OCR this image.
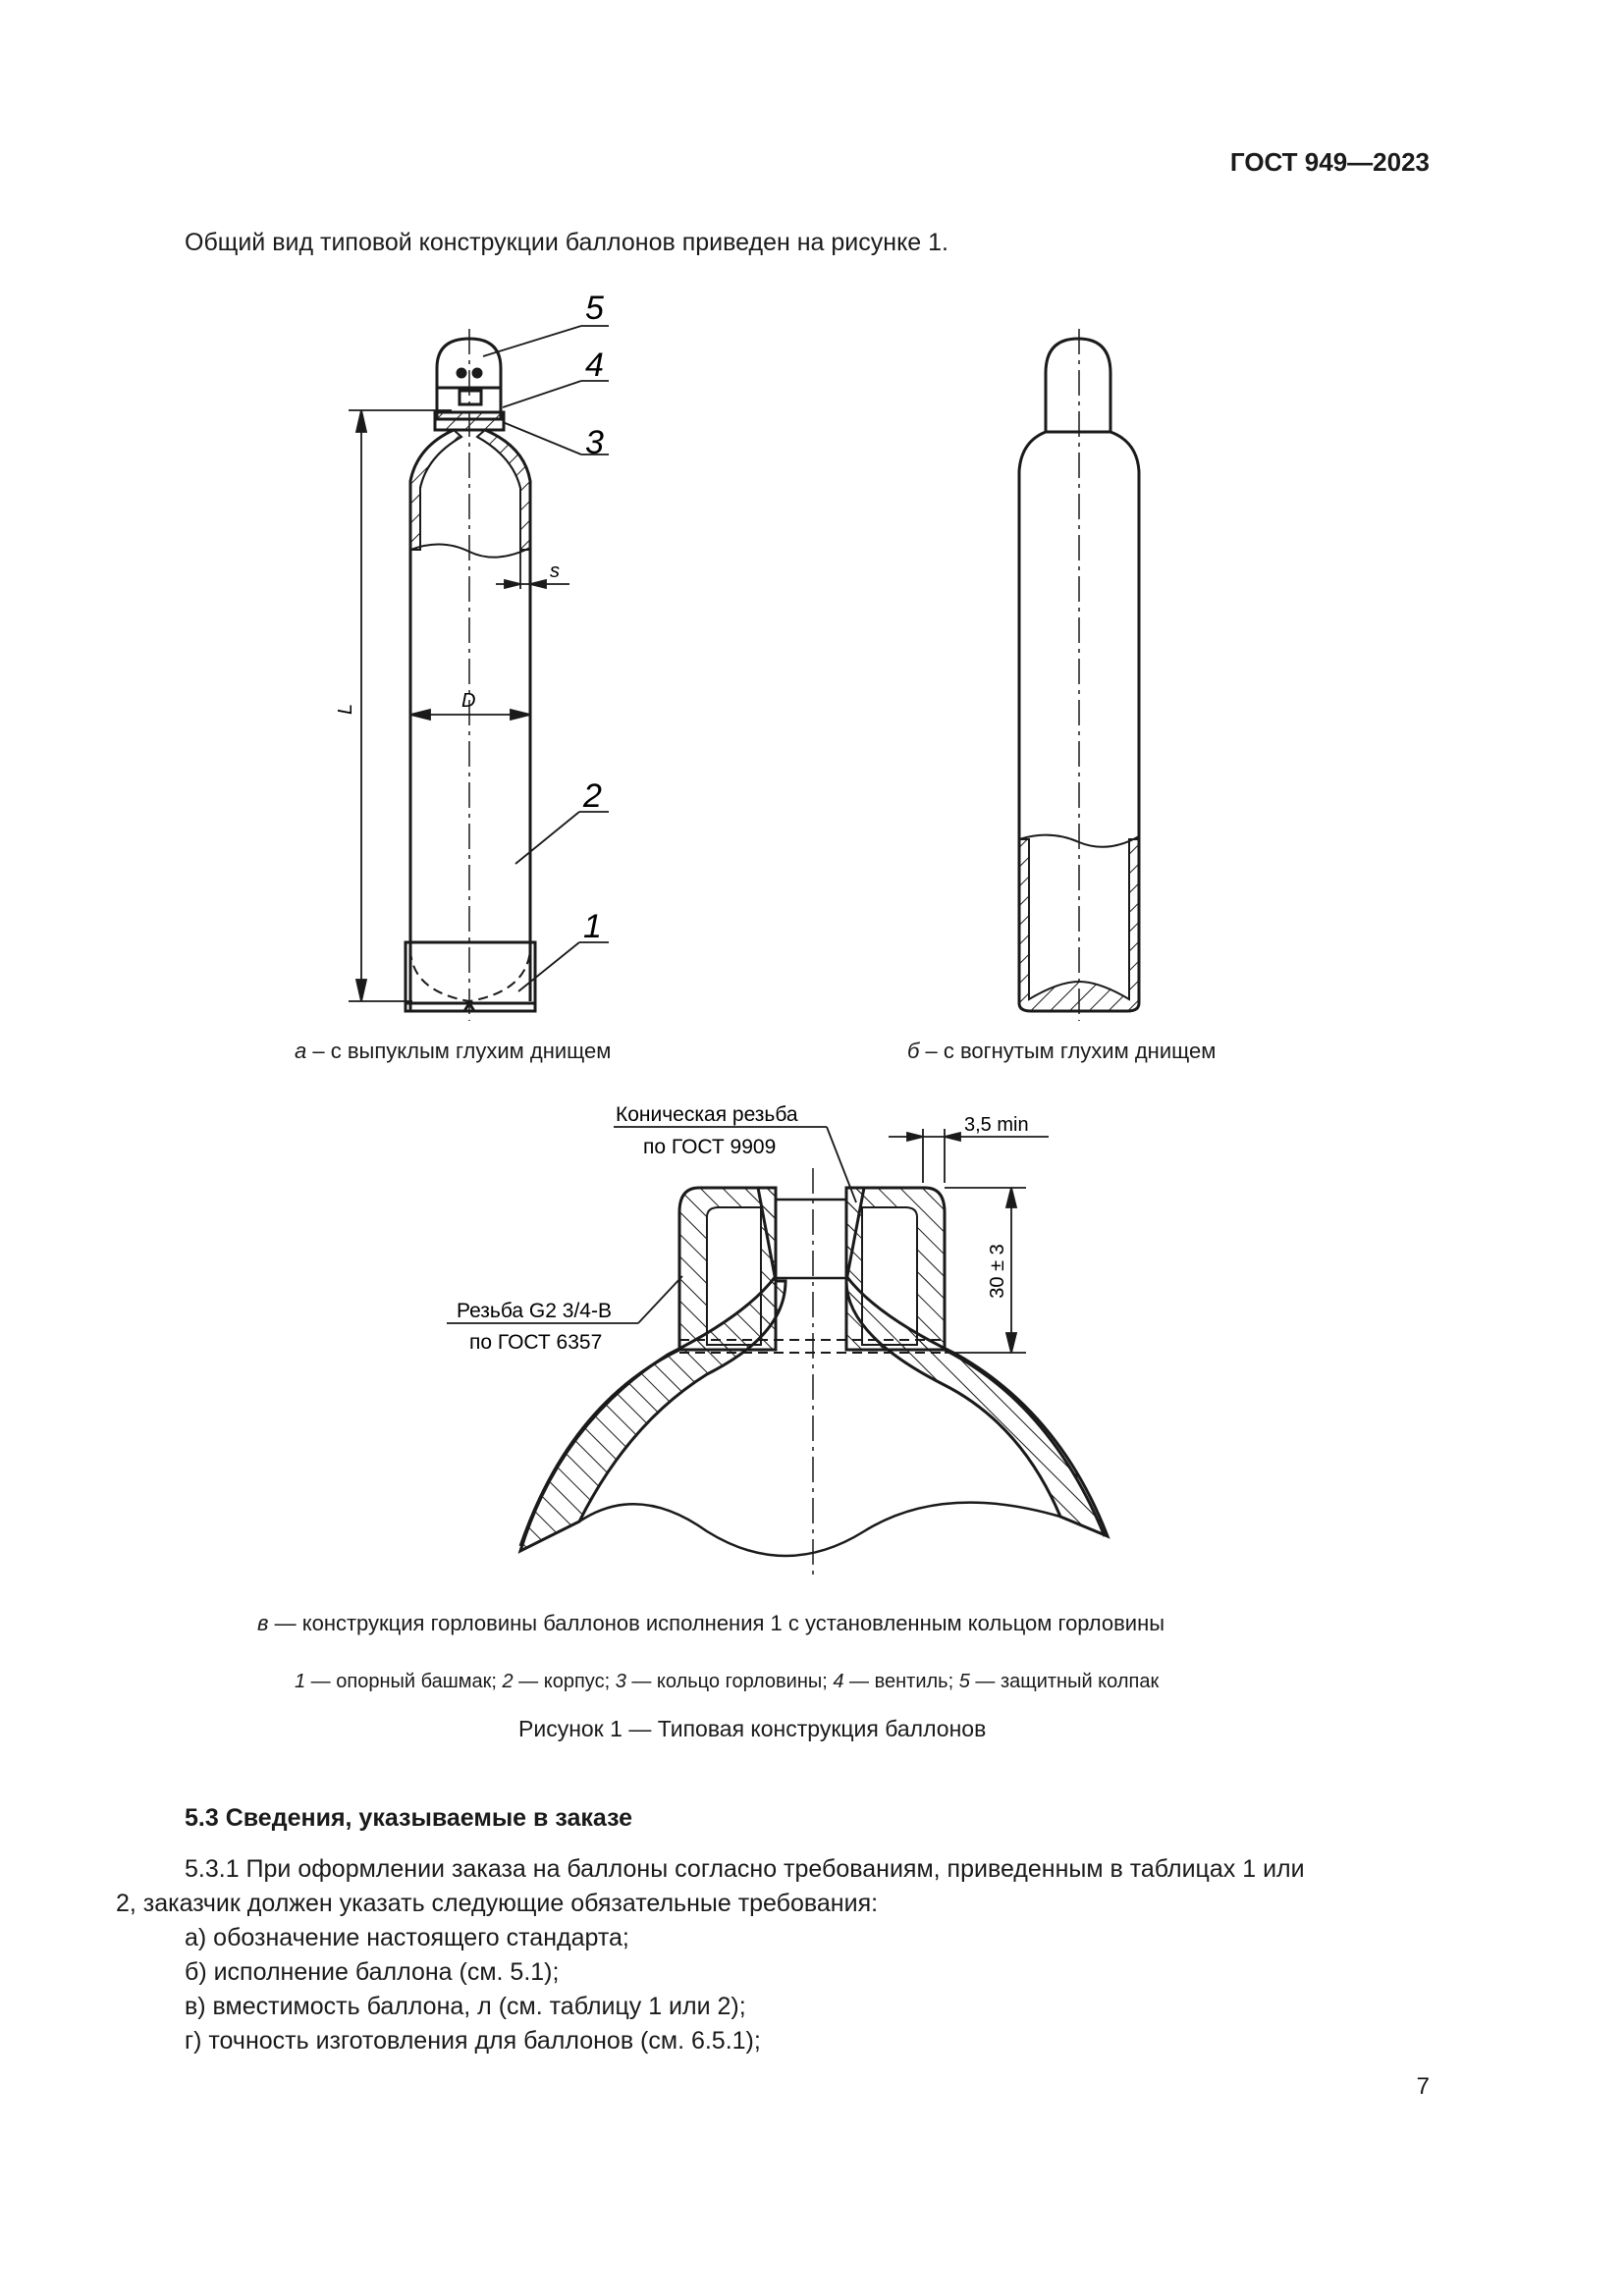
ГОСТ 949—2023
Общий вид типовой конструкции баллонов приведен на рисунке 1.
L	D
s
5
4
3
2
1
3,5 min
30 ± 3
Коническая резьба
по ГОСТ 9909
Резьба G2 3/4-B
по ГОСТ 6357
а – с выпуклым глухим днищем	б – с вогнутым глухим днищем
в — конструкция горловины баллонов исполнения 1 с установленным кольцом горловины
1 — опорный башмак; 2 — корпус; 3 — кольцо горловины; 4 — вентиль; 5 — защитный колпак
Рисунок 1 — Типовая конструкция баллонов
5.3 Сведения, указываемые в заказе
5.3.1 При оформлении заказа на баллоны согласно требованиям, приведенным в таблицах 1 или
2, заказчик должен указать следующие обязательные требования:
а) обозначение настоящего стандарта;
б) исполнение баллона (см. 5.1);
в) вместимость баллона, л (см. таблицу 1 или 2);
г) точность изготовления для баллонов (см. 6.5.1);
7
